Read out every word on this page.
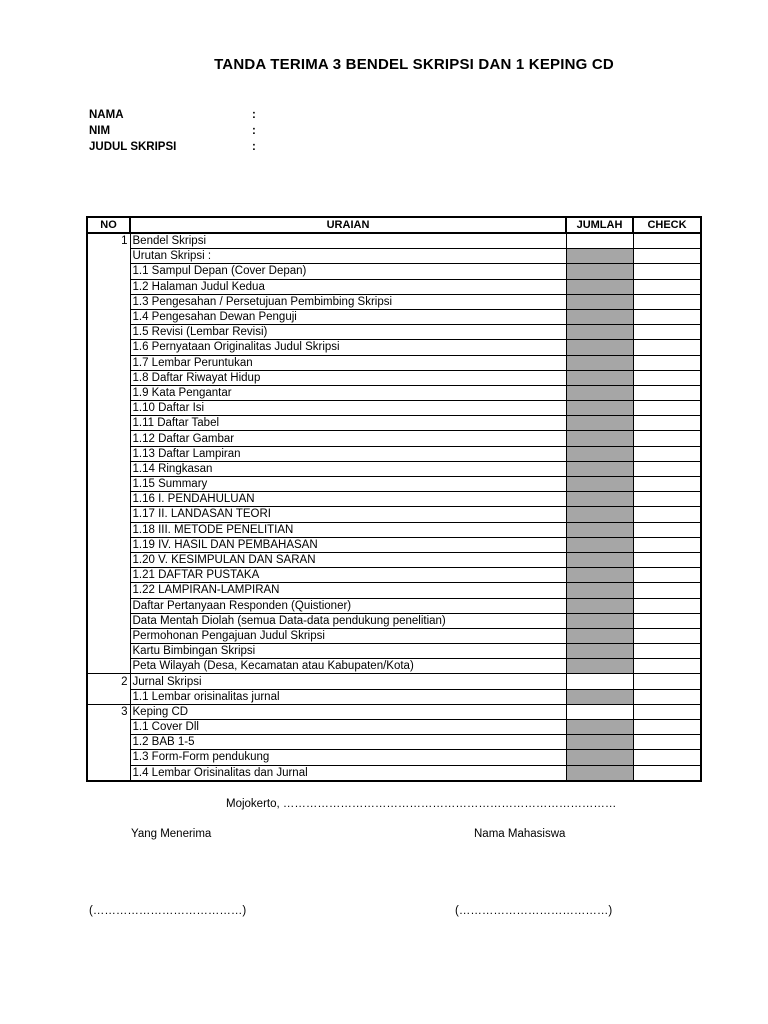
TANDA TERIMA 3 BENDEL SKRIPSI DAN 1 KEPING CD
NAMA	:
NIM	:
JUDUL SKRIPSI	:
NO	URAIAN	JUMLAH	CHECK
1	Bendel Skripsi		
	Urutan Skripsi :		
	1.1 Sampul Depan (Cover Depan)		
	1.2 Halaman Judul Kedua		
	1.3 Pengesahan / Persetujuan Pembimbing Skripsi		
	1.4 Pengesahan Dewan Penguji		
	1.5 Revisi (Lembar Revisi)		
	1.6 Pernyataan Originalitas Judul Skripsi		
	1.7 Lembar Peruntukan		
	1.8 Daftar Riwayat Hidup		
	1.9 Kata Pengantar		
	1.10 Daftar Isi		
	1.11 Daftar Tabel		
	1.12 Daftar Gambar		
	1.13 Daftar Lampiran		
	1.14 Ringkasan		
	1.15 Summary		
	1.16 I. PENDAHULUAN		
	1.17 II. LANDASAN TEORI		
	1.18 III. METODE PENELITIAN		
	1.19 IV. HASIL DAN PEMBAHASAN		
	1.20 V. KESIMPULAN DAN SARAN		
	1.21 DAFTAR PUSTAKA		
	1.22 LAMPIRAN-LAMPIRAN		
	Daftar Pertanyaan Responden (Quistioner)		
	Data Mentah Diolah (semua Data-data pendukung penelitian)		
	Permohonan Pengajuan Judul Skripsi		
	Kartu Bimbingan Skripsi		
	Peta Wilayah (Desa, Kecamatan atau Kabupaten/Kota)		
2	Jurnal Skripsi		
	1.1 Lembar orisinalitas jurnal		
3	Keping CD		
	1.1 Cover Dll		
	1.2 BAB 1-5		
	1.3 Form-Form pendukung		
	1.4 Lembar Orisinalitas dan Jurnal		
Mojokerto, ……………………………………………………………………………
Yang Menerima	Nama Mahasiswa
(…………………………………)	(…………………………………)
